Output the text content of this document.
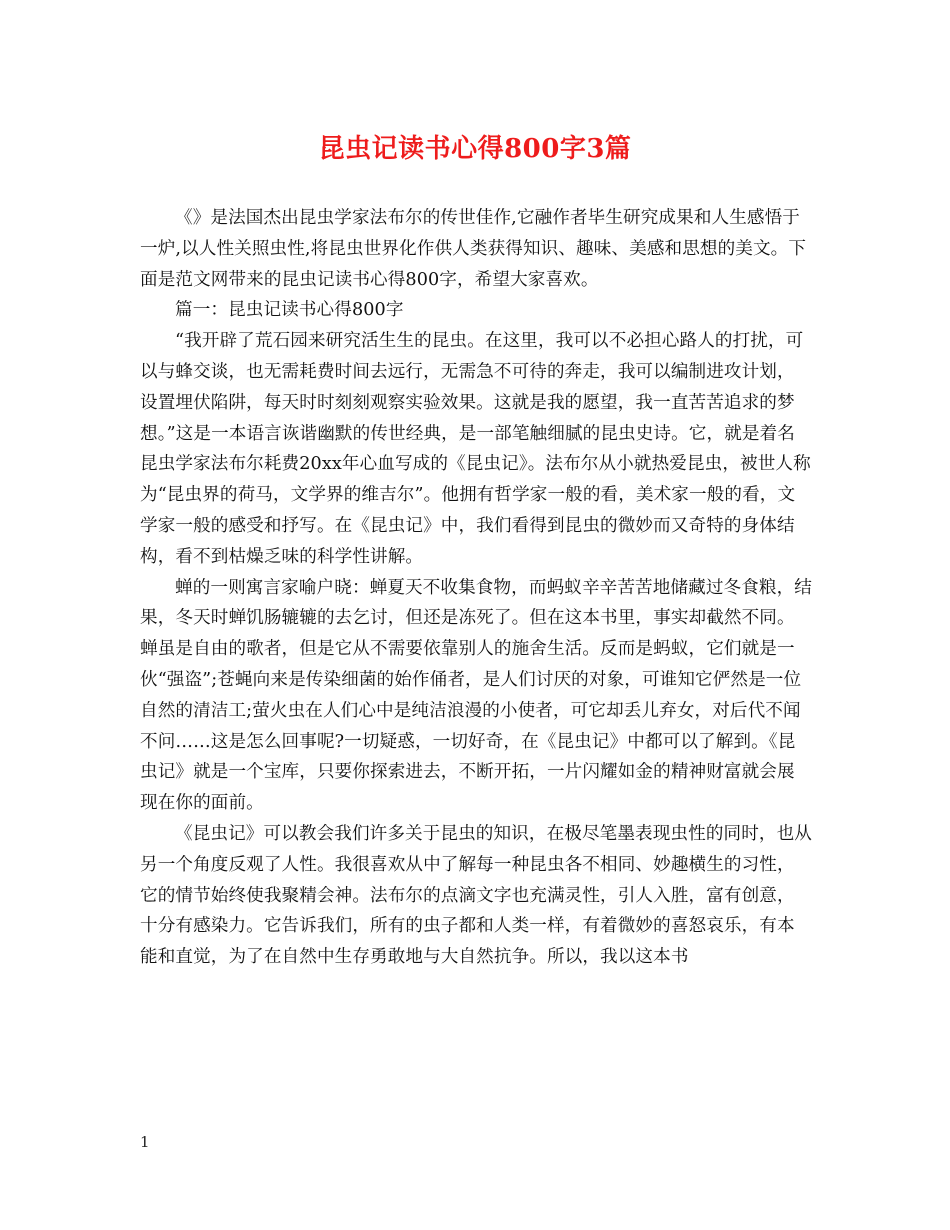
昆虫记读书心得800字3篇

《》是法国杰出昆虫学家法布尔的传世佳作,它融作者毕生研究成果和人生感悟于一炉,以人性关照虫性,将昆虫世界化作供人类获得知识、趣味、美感和思想的美文。下面是范文网带来的昆虫记读书心得800字，希望大家喜欢。

篇一：昆虫记读书心得800字

“我开辟了荒石园来研究活生生的昆虫。在这里，我可以不必担心路人的打扰，可以与蜂交谈，也无需耗费时间去远行，无需急不可待的奔走，我可以编制进攻计划，设置埋伏陷阱，每天时时刻刻观察实验效果。这就是我的愿望，我一直苦苦追求的梦想。”这是一本语言诙谐幽默的传世经典，是一部笔触细腻的昆虫史诗。它，就是着名昆虫学家法布尔耗费20xx年心血写成的《昆虫记》。法布尔从小就热爱昆虫，被世人称为“昆虫界的荷马，文学界的维吉尔”。他拥有哲学家一般的看，美术家一般的看，文学家一般的感受和抒写。在《昆虫记》中，我们看得到昆虫的微妙而又奇特的身体结构，看不到枯燥乏味的科学性讲解。

蝉的一则寓言家喻户晓：蝉夏天不收集食物，而蚂蚁辛辛苦苦地储藏过冬食粮，结果，冬天时蝉饥肠辘辘的去乞讨，但还是冻死了。但在这本书里，事实却截然不同。蝉虽是自由的歌者，但是它从不需要依靠别人的施舍生活。反而是蚂蚁，它们就是一伙“强盗”;苍蝇向来是传染细菌的始作俑者，是人们讨厌的对象，可谁知它俨然是一位自然的清洁工;萤火虫在人们心中是纯洁浪漫的小使者，可它却丢儿弃女，对后代不闻不问……这是怎么回事呢?一切疑惑，一切好奇，在《昆虫记》中都可以了解到。《昆虫记》就是一个宝库，只要你探索进去，不断开拓，一片闪耀如金的精神财富就会展现在你的面前。

《昆虫记》可以教会我们许多关于昆虫的知识，在极尽笔墨表现虫性的同时，也从另一个角度反观了人性。我很喜欢从中了解每一种昆虫各不相同、妙趣横生的习性，它的情节始终使我聚精会神。法布尔的点滴文字也充满灵性，引人入胜，富有创意，十分有感染力。它告诉我们，所有的虫子都和人类一样，有着微妙的喜怒哀乐，有本能和直觉，为了在自然中生存勇敢地与大自然抗争。所以，我以这本书

1
